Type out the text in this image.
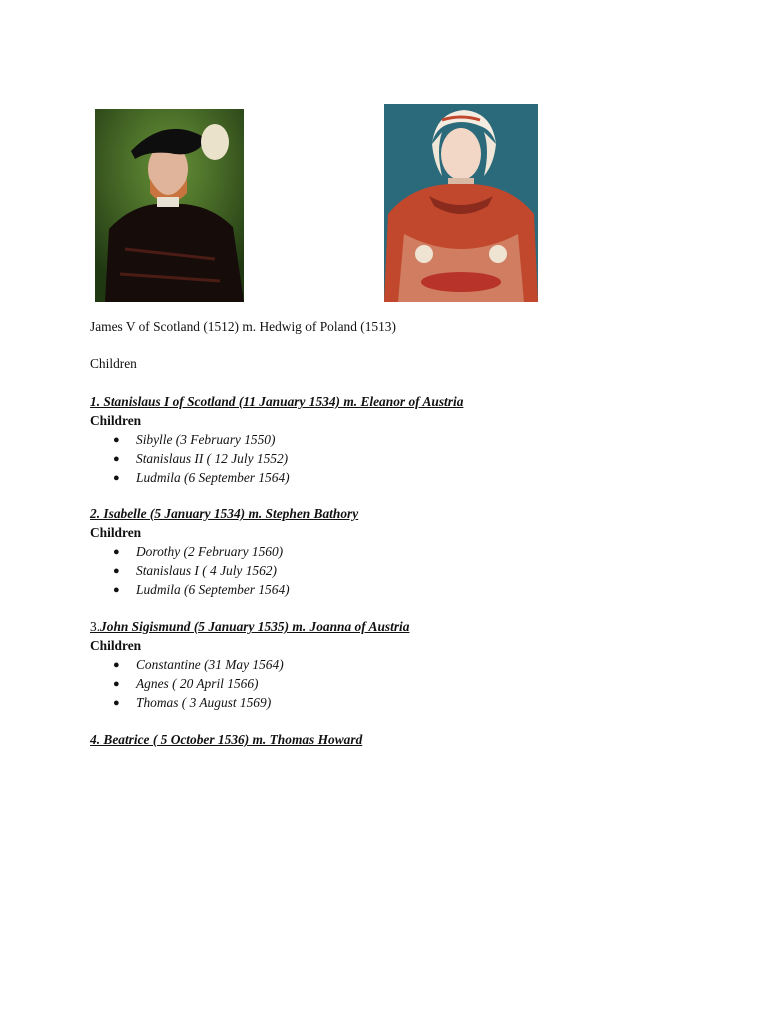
James V of Scotland (1512) m. Hedwig of Poland (1513)
Children
1. Stanislaus I of Scotland (11 January 1534) m. Eleanor of Austria
Children
● Sibylle (3 February 1550)
● Stanislaus II ( 12 July 1552)
● Ludmila (6 September 1564)
2. Isabelle (5 January 1534) m. Stephen Bathory
Children
● Dorothy (2 February 1560)
● Stanislaus I ( 4 July 1562)
● Ludmila (6 September 1564)
3.John Sigismund (5 January 1535) m. Joanna of Austria
Children
● Constantine (31 May 1564)
● Agnes ( 20 April 1566)
● Thomas ( 3 August 1569)
4. Beatrice ( 5 October 1536) m. Thomas Howard
